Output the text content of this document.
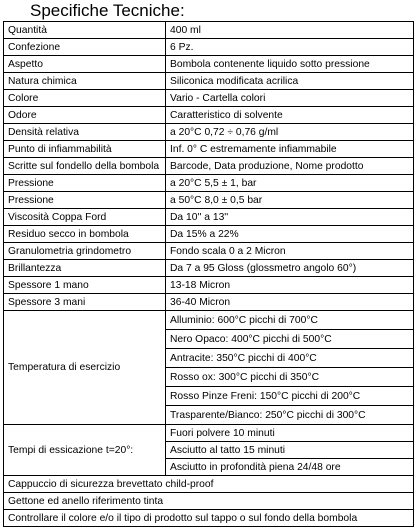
Specifiche Tecniche:
Quantità	400 ml
Confezione	6 Pz.
Aspetto	Bombola contenente liquido sotto pressione
Natura chimica	Siliconica modificata acrilica
Colore	Vario - Cartella colori
Odore	Caratteristico di solvente
Densità relativa	a 20°C 0,72 ÷ 0,76 g/ml
Punto di infiammabilità	Inf. 0° C estremamente infiammabile
Scritte sul fondello della bombola	Barcode, Data produzione, Nome prodotto
Pressione	a 20°C 5,5 ± 1, bar
Pressione	a 50°C 8,0 ± 0,5 bar
Viscosità Coppa Ford	Da 10'' a 13''
Residuo secco in bombola	Da 15% a 22%
Granulometria grindometro	Fondo scala 0 a 2 Micron
Brillantezza	Da 7 a 95 Gloss (glossmetro angolo 60°)
Spessore 1 mano	13-18 Micron
Spessore 3 mani	36-40 Micron
Temperatura di esercizio	Alluminio: 600°C picchi di 700°C
	Nero Opaco: 400°C picchi di 500°C
	Antracite: 350°C picchi di 400°C
	Rosso ox: 300°C picchi di 350°C
	Rosso Pinze Freni: 150°C picchi di 200°C
	Trasparente/Bianco: 250°C picchi di 300°C
Tempi di essicazione t=20°:	Fuori polvere 10 minuti
	Asciutto al tatto 15 minuti
	Asciutto in profondità piena 24/48 ore
Cappuccio di sicurezza brevettato child-proof	
Gettone ed anello riferimento tinta	
Controllare il colore e/o il tipo di prodotto sul tappo o sul fondo della bombola	
